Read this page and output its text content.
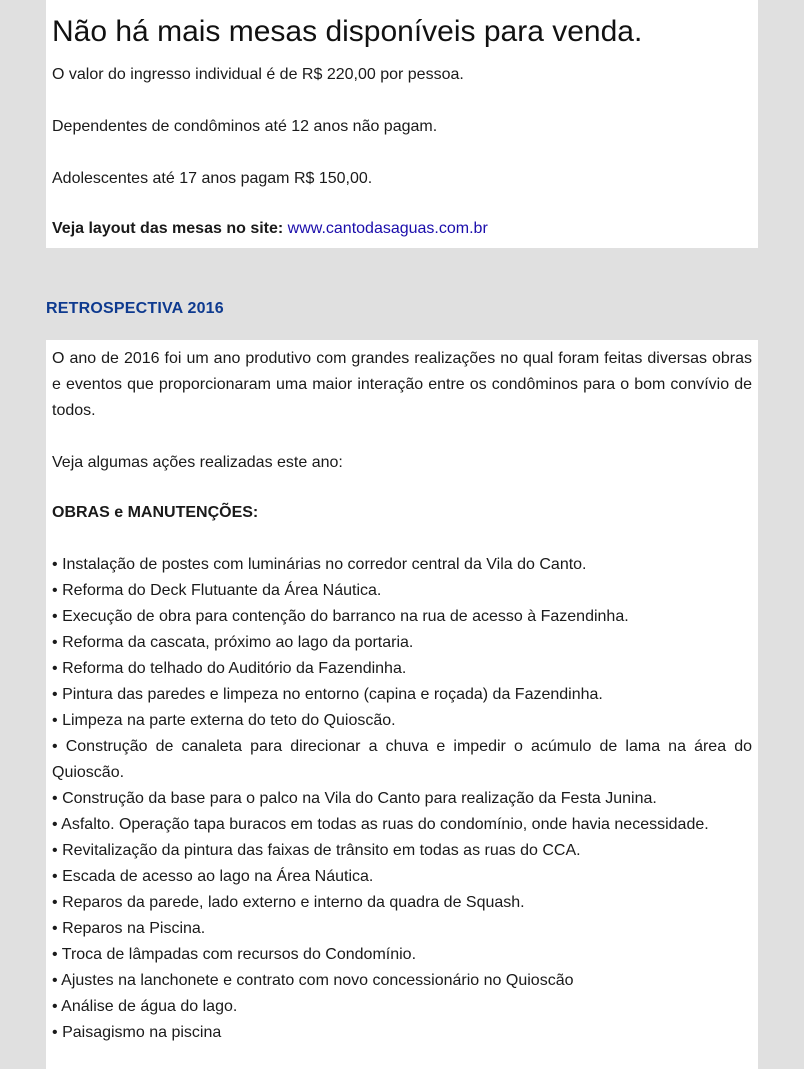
Não há mais mesas disponíveis para venda.

O valor do ingresso individual é de R$ 220,00 por pessoa.

Dependentes de condôminos até 12 anos não pagam.

Adolescentes até 17 anos pagam R$ 150,00.

Veja layout das mesas no site: www.cantodasaguas.com.br

RETROSPECTIVA 2016

O ano de 2016 foi um ano produtivo com grandes realizações no qual foram feitas diversas obras e eventos que proporcionaram uma maior interação entre os condôminos para o bom convívio de todos.

Veja algumas ações realizadas este ano:

OBRAS e MANUTENÇÕES:

• Instalação de postes com luminárias no corredor central da Vila do Canto.
• Reforma do Deck Flutuante da Área Náutica.
• Execução de obra para contenção do barranco na rua de acesso à Fazendinha.
• Reforma da cascata, próximo ao lago da portaria.
• Reforma do telhado do Auditório da Fazendinha.
• Pintura das paredes e limpeza no entorno (capina e roçada) da Fazendinha.
• Limpeza na parte externa do teto do Quioscão.
• Construção de canaleta para direcionar a chuva e impedir o acúmulo de lama na área do Quioscão.
• Construção da base para o palco na Vila do Canto para realização da Festa Junina.
• Asfalto. Operação tapa buracos em todas as ruas do condomínio, onde havia necessidade.
• Revitalização da pintura das faixas de trânsito em todas as ruas do CCA.
• Escada de acesso ao lago na Área Náutica.
• Reparos da parede, lado externo e interno da quadra de Squash.
• Reparos na Piscina.
• Troca de lâmpadas com recursos do Condomínio.
• Ajustes na lanchonete e contrato com novo concessionário no Quioscão
• Análise de água do lago.
• Paisagismo na piscina
